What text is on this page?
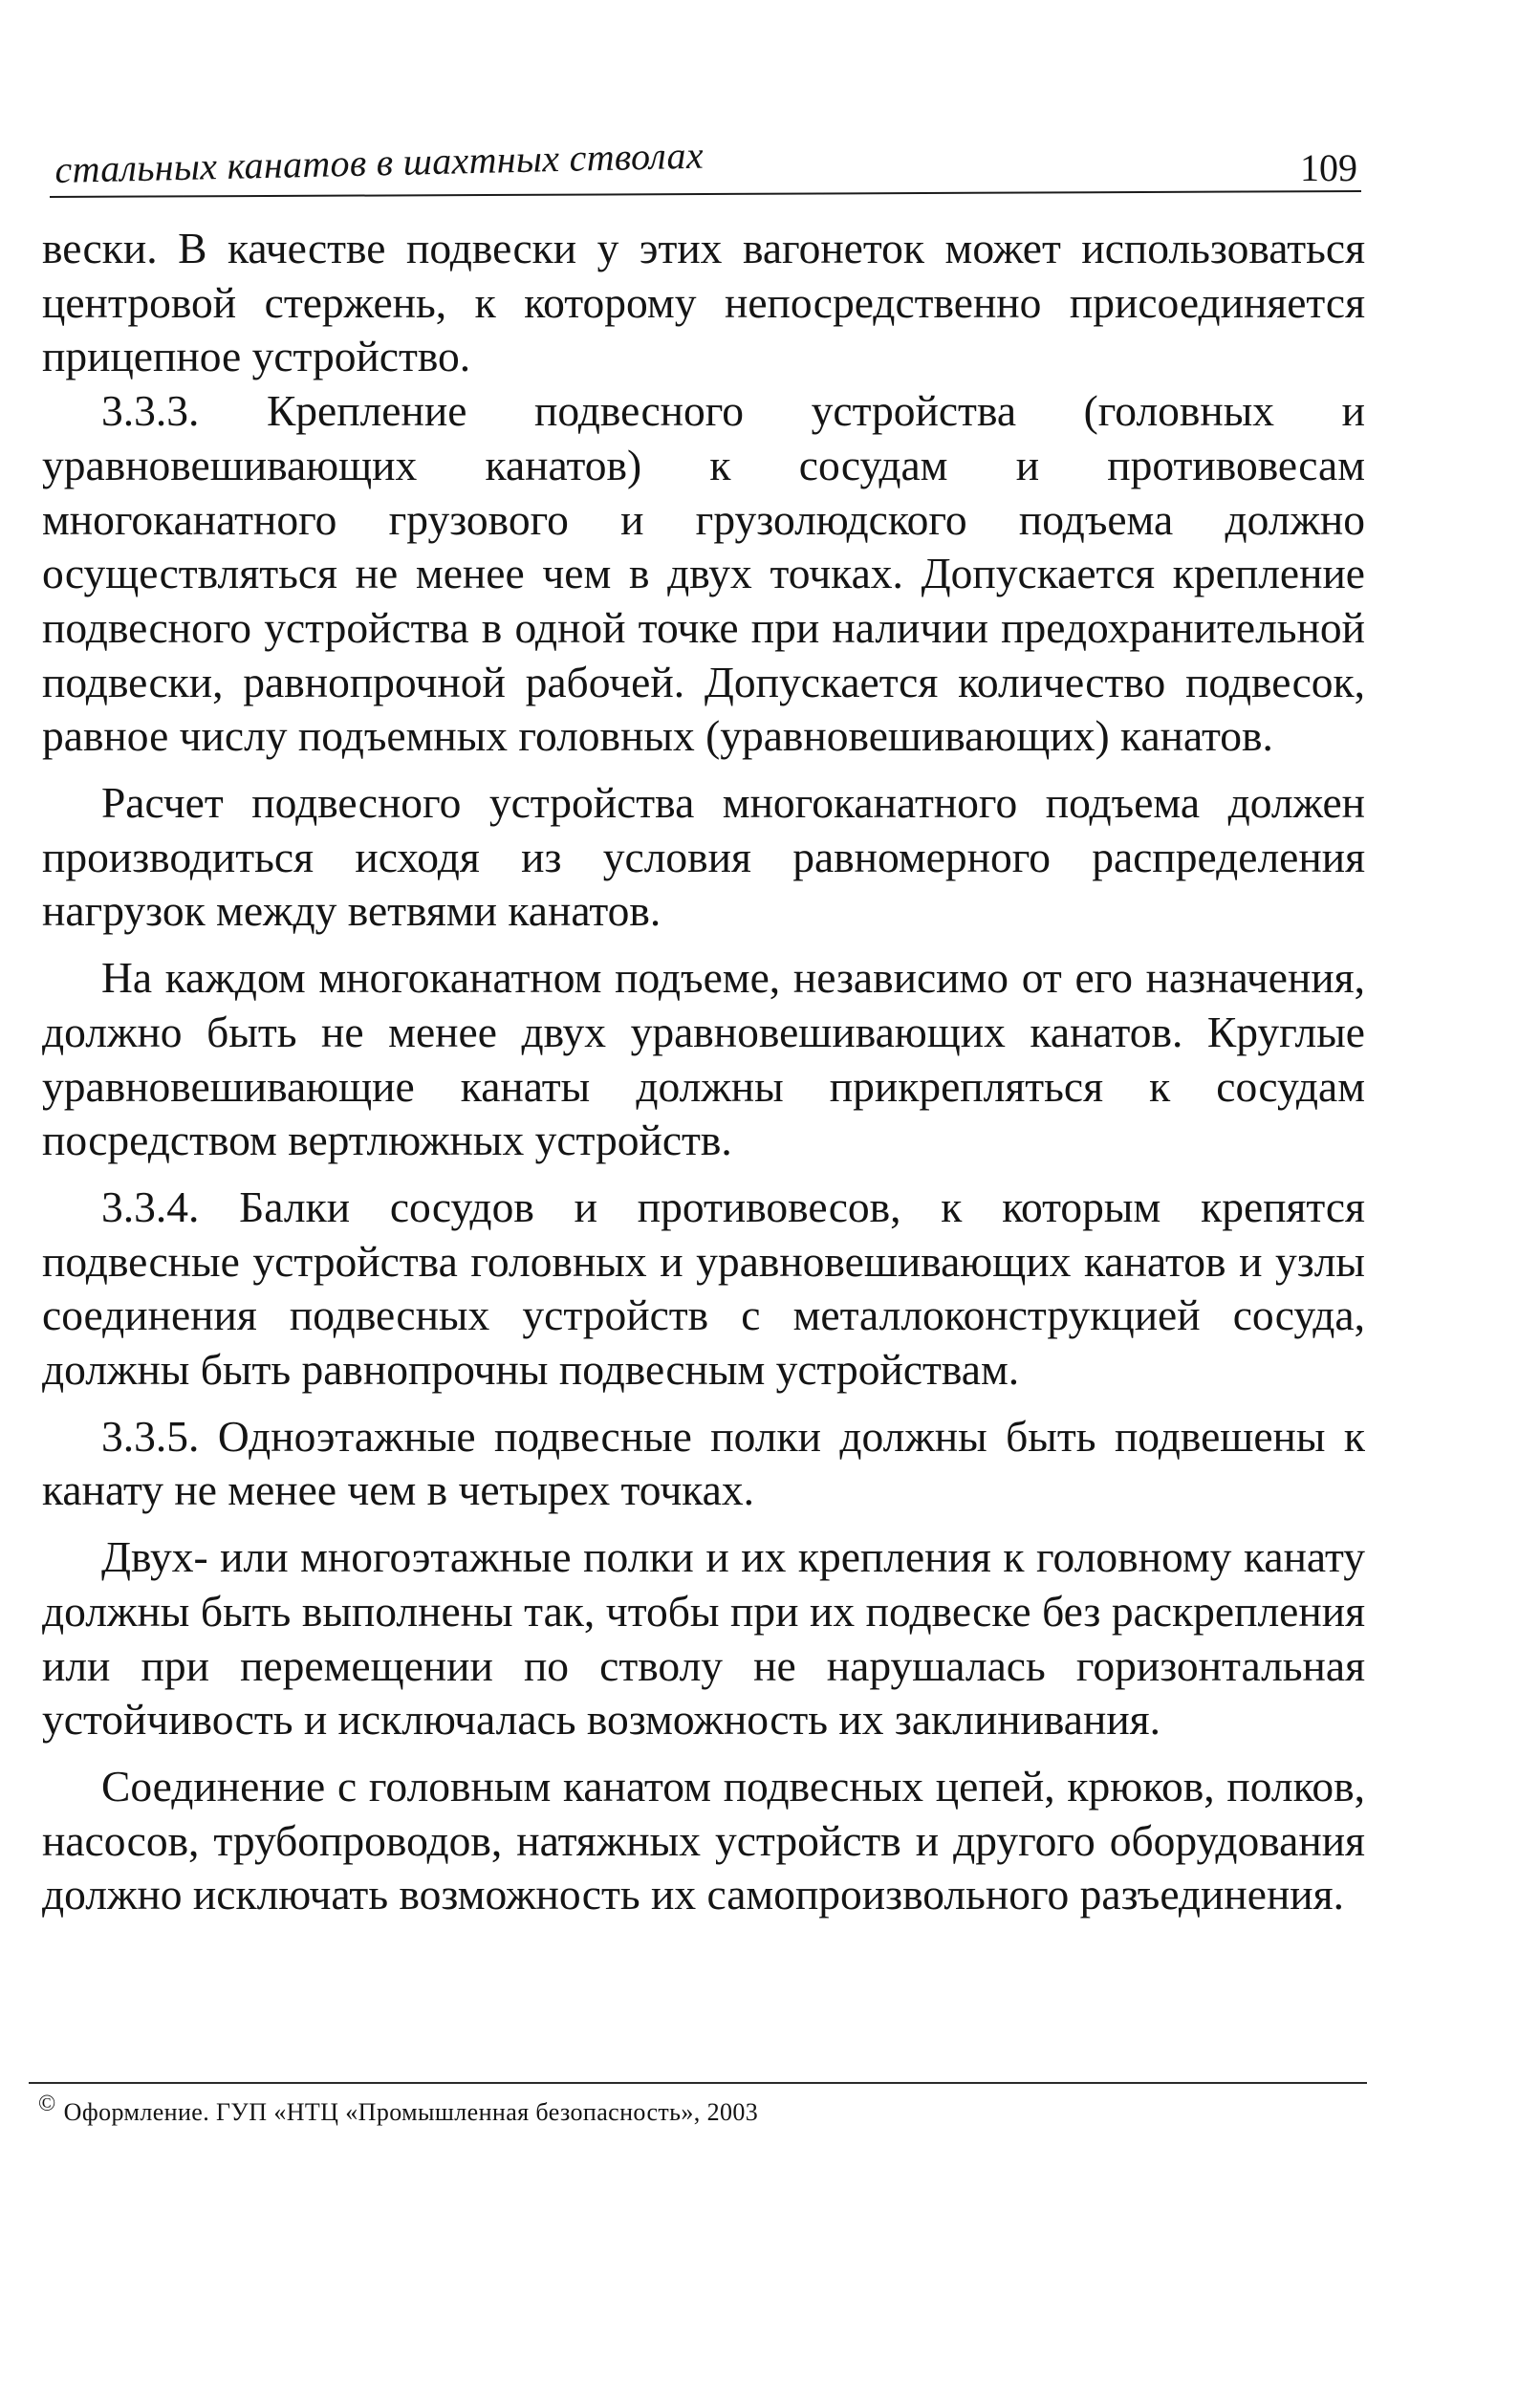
стальных канатов в шахтных стволах	109

вески. В качестве подвески у этих вагонеток может использоваться центровой стержень, к которому непосредственно присоединяется прицепное устройство.

3.3.3. Крепление подвесного устройства (головных и уравновешивающих канатов) к сосудам и противовесам многоканатного грузового и грузолюдского подъема должно осуществляться не менее чем в двух точках. Допускается крепление подвесного устройства в одной точке при наличии предохранительной подвески, равнопрочной рабочей. Допускается количество подвесок, равное числу подъемных головных (уравновешивающих) канатов.

Расчет подвесного устройства многоканатного подъема должен производиться исходя из условия равномерного распределения нагрузок между ветвями канатов.

На каждом многоканатном подъеме, независимо от его назначения, должно быть не менее двух уравновешивающих канатов. Круглые уравновешивающие канаты должны прикрепляться к сосудам посредством вертлюжных устройств.

3.3.4. Балки сосудов и противовесов, к которым крепятся подвесные устройства головных и уравновешивающих канатов и узлы соединения подвесных устройств с металлоконструкцией сосуда, должны быть равнопрочны подвесным устройствам.

3.3.5. Одноэтажные подвесные полки должны быть подвешены к канату не менее чем в четырех точках.

Двух- или многоэтажные полки и их крепления к головному канату должны быть выполнены так, чтобы при их подвеске без раскрепления или при перемещении по стволу не нарушалась горизонтальная устойчивость и исключалась возможность их заклинивания.

Соединение с головным канатом подвесных цепей, крюков, полков, насосов, трубопроводов, натяжных устройств и другого оборудования должно исключать возможность их самопроизвольного разъединения.

© Оформление. ГУП «НТЦ «Промышленная безопасность», 2003
